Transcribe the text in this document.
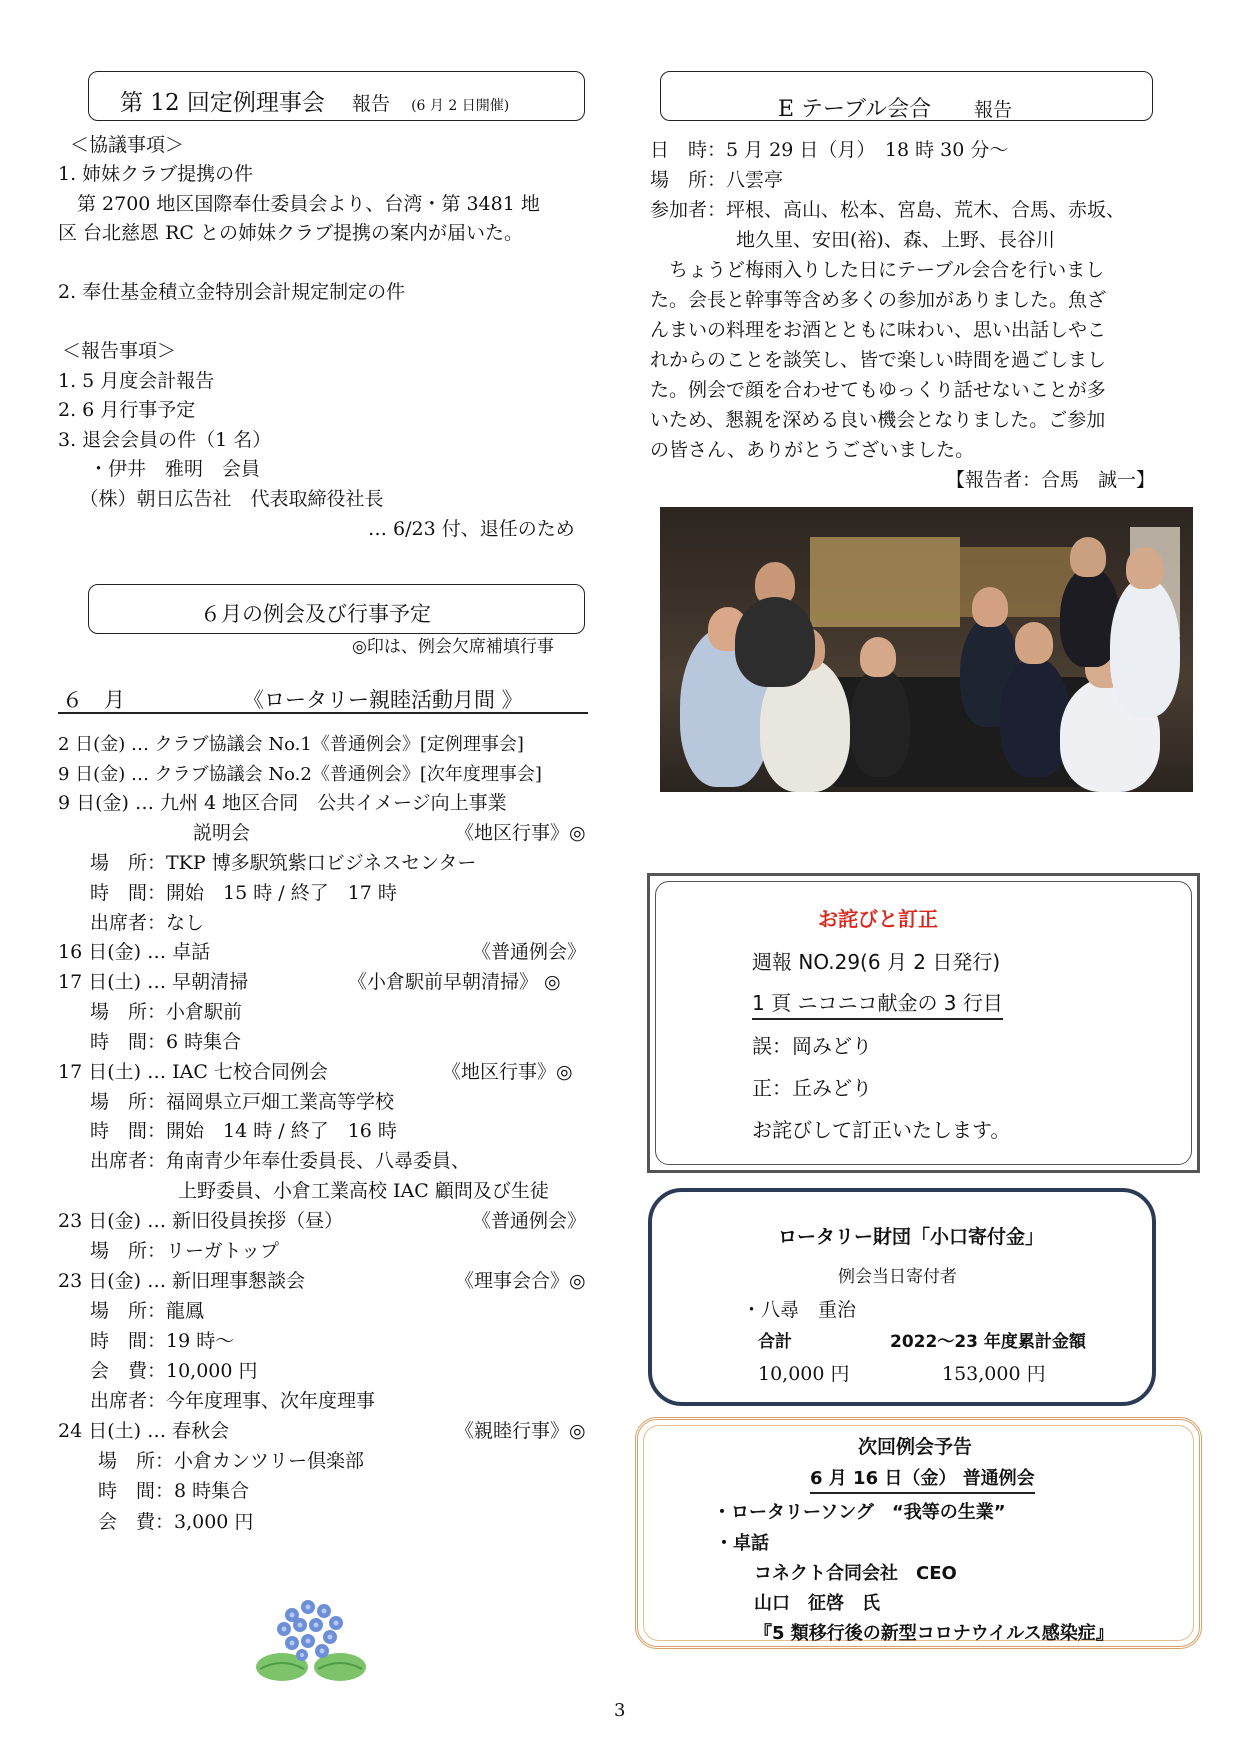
第 12 回定例理事会 報告 (6 月 2 日開催)
＜協議事項＞
1. 姉妹クラブ提携の件
　第 2700 地区国際奉仕委員会より、台湾・第 3481 地
区 台北慈恩 RC との姉妹クラブ提携の案内が届いた。
2. 奉仕基金積立金特別会計規定制定の件
＜報告事項＞
1. 5 月度会計報告
2. 6 月行事予定
3. 退会会員の件（1 名）
　・伊井　雅明　会員
　（株）朝日広告社　代表取締役社長
… 6/23 付、退任のため
６月の例会及び行事予定
◎印は、例会欠席補填行事
６　月	《ロータリー親睦活動月間 》
2 日(金) … クラブ協議会 No.1《普通例会》[定例理事会]
9 日(金) … クラブ協議会 No.2《普通例会》[次年度理事会]
9 日(金) … 九州 4 地区合同　公共イメージ向上事業
説明会	《地区行事》◎
場　所：TKP 博多駅筑紫口ビジネスセンター
時　間：開始　15 時 / 終了　17 時
出席者：なし
16 日(金) … 卓話	《普通例会》
17 日(土) … 早朝清掃	《小倉駅前早朝清掃》 ◎
場　所：小倉駅前
時　間：6 時集合
17 日(土) … IAC 七校合同例会	《地区行事》◎
場　所：福岡県立戸畑工業高等学校
時　間：開始　14 時 / 終了　16 時
出席者：角南青少年奉仕委員長、八尋委員、
上野委員、小倉工業高校 IAC 顧問及び生徒
23 日(金) … 新旧役員挨拶（昼）	《普通例会》
場　所：リーガトップ
23 日(金) … 新旧理事懇談会	《理事会合》◎
場　所：龍鳳
時　間：19 時～
会　費：10,000 円
出席者：今年度理事、次年度理事
24 日(土) … 春秋会	《親睦行事》◎
場　所：小倉カンツリー倶楽部
時　間：8 時集合
会　費：3,000 円
E テーブル会合 報告
日　時：5 月 29 日（月）　18 時 30 分～
場　所：八雲亭
参加者：坪根、高山、松本、宮島、荒木、合馬、赤坂、
地久里、安田(裕)、森、上野、長谷川
　ちょうど梅雨入りした日にテーブル会合を行いまし
た。会長と幹事等含め多くの参加がありました。魚ざ
んまいの料理をお酒とともに味わい、思い出話しやこ
れからのことを談笑し、皆で楽しい時間を過ごしまし
た。例会で顔を合わせてもゆっくり話せないことが多
いため、懇親を深める良い機会となりました。ご参加
の皆さん、ありがとうございました。
【報告者：合馬　誠一】
お詫びと訂正
週報 NO.29(6 月 2 日発行)
1 頁 ニコニコ献金の 3 行目
誤：岡みどり
正：丘みどり
お詫びして訂正いたします。
ロータリー財団「小口寄付金」
例会当日寄付者
・八尋　重治
合計	2022～23 年度累計金額
10,000 円	153,000 円
次回例会予告
6 月 16 日（金） 普通例会
・ロータリーソング　“我等の生業”
・卓話
コネクト合同会社　CEO
山口　征啓　氏
『5 類移行後の新型コロナウイルス感染症』
3
